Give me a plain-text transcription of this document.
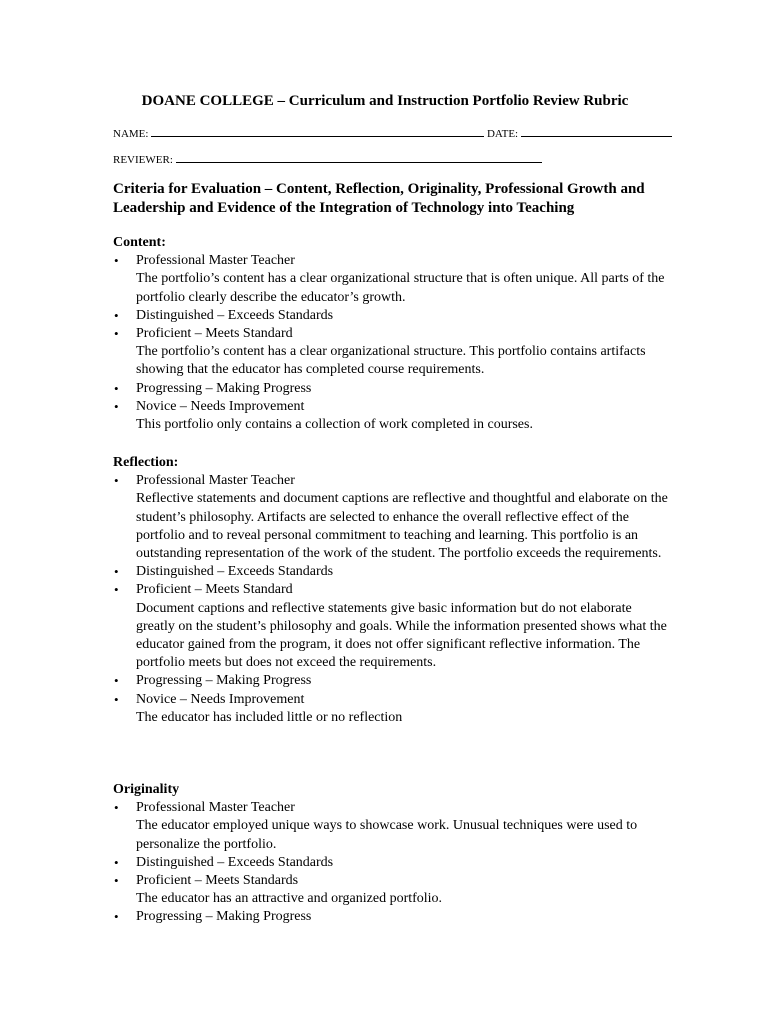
DOANE COLLEGE – Curriculum and Instruction Portfolio Review Rubric
NAME:	DATE:
REVIEWER:
Criteria for Evaluation – Content, Reflection, Originality, Professional Growth and Leadership and Evidence of the Integration of Technology into Teaching
Content:
• Professional Master Teacher
The portfolio’s content has a clear organizational structure that is often unique. All parts of the portfolio clearly describe the educator’s growth.
• Distinguished – Exceeds Standards
• Proficient – Meets Standard
The portfolio’s content has a clear organizational structure. This portfolio contains artifacts showing that the educator has completed course requirements.
• Progressing – Making Progress
• Novice – Needs Improvement
This portfolio only contains a collection of work completed in courses.
Reflection:
• Professional Master Teacher
Reflective statements and document captions are reflective and thoughtful and elaborate on the student’s philosophy. Artifacts are selected to enhance the overall reflective effect of the portfolio and to reveal personal commitment to teaching and learning. This portfolio is an outstanding representation of the work of the student. The portfolio exceeds the requirements.
• Distinguished – Exceeds Standards
• Proficient – Meets Standard
Document captions and reflective statements give basic information but do not elaborate greatly on the student’s philosophy and goals. While the information presented shows what the educator gained from the program, it does not offer significant reflective information. The portfolio meets but does not exceed the requirements.
• Progressing – Making Progress
• Novice – Needs Improvement
The educator has included little or no reflection
Originality
• Professional Master Teacher
The educator employed unique ways to showcase work. Unusual techniques were used to personalize the portfolio.
• Distinguished – Exceeds Standards
• Proficient – Meets Standards
The educator has an attractive and organized portfolio.
• Progressing – Making Progress
